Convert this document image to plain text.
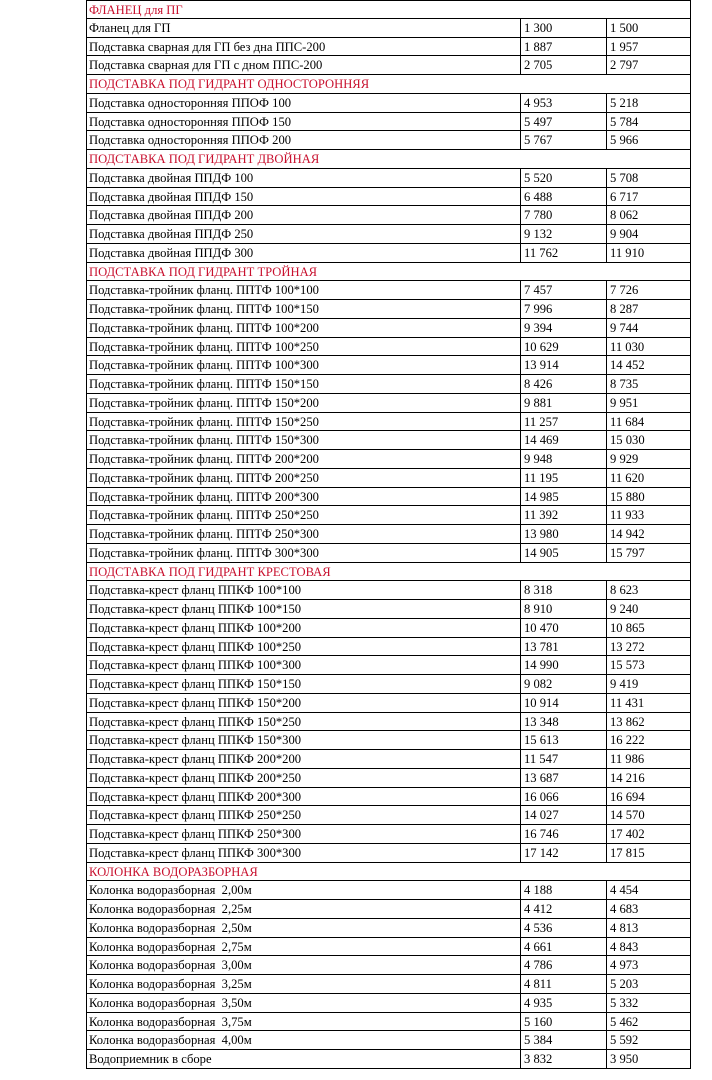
ФЛАНЕЦ для ПГ
Фланец для ГП	1 300	1 500
Подставка сварная для ГП без дна ППС-200	1 887	1 957
Подставка сварная для ГП с дном ППС-200	2 705	2 797
ПОДСТАВКА ПОД ГИДРАНТ ОДНОСТОРОННЯЯ
Подставка односторонняя ППОФ 100	4 953	5 218
Подставка односторонняя ППОФ 150	5 497	5 784
Подставка односторонняя ППОФ 200	5 767	5 966
ПОДСТАВКА ПОД ГИДРАНТ ДВОЙНАЯ
Подставка двойная ППДФ 100	5 520	5 708
Подставка двойная ППДФ 150	6 488	6 717
Подставка двойная ППДФ 200	7 780	8 062
Подставка двойная ППДФ 250	9 132	9 904
Подставка двойная ППДФ 300	11 762	11 910
ПОДСТАВКА ПОД ГИДРАНТ ТРОЙНАЯ
Подставка-тройник фланц. ППТФ 100*100	7 457	7 726
Подставка-тройник фланц. ППТФ 100*150	7 996	8 287
Подставка-тройник фланц. ППТФ 100*200	9 394	9 744
Подставка-тройник фланц. ППТФ 100*250	10 629	11 030
Подставка-тройник фланц. ППТФ 100*300	13 914	14 452
Подставка-тройник фланц. ППТФ 150*150	8 426	8 735
Подставка-тройник фланц. ППТФ 150*200	9 881	9 951
Подставка-тройник фланц. ППТФ 150*250	11 257	11 684
Подставка-тройник фланц. ППТФ 150*300	14 469	15 030
Подставка-тройник фланц. ППТФ 200*200	9 948	9 929
Подставка-тройник фланц. ППТФ 200*250	11 195	11 620
Подставка-тройник фланц. ППТФ 200*300	14 985	15 880
Подставка-тройник фланц. ППТФ 250*250	11 392	11 933
Подставка-тройник фланц. ППТФ 250*300	13 980	14 942
Подставка-тройник фланц. ППТФ 300*300	14 905	15 797
ПОДСТАВКА ПОД ГИДРАНТ КРЕСТОВАЯ
Подставка-крест фланц ППКФ 100*100	8 318	8 623
Подставка-крест фланц ППКФ 100*150	8 910	9 240
Подставка-крест фланц ППКФ 100*200	10 470	10 865
Подставка-крест фланц ППКФ 100*250	13 781	13 272
Подставка-крест фланц ППКФ 100*300	14 990	15 573
Подставка-крест фланц ППКФ 150*150	9 082	9 419
Подставка-крест фланц ППКФ 150*200	10 914	11 431
Подставка-крест фланц ППКФ 150*250	13 348	13 862
Подставка-крест фланц ППКФ 150*300	15 613	16 222
Подставка-крест фланц ППКФ 200*200	11 547	11 986
Подставка-крест фланц ППКФ 200*250	13 687	14 216
Подставка-крест фланц ППКФ 200*300	16 066	16 694
Подставка-крест фланц ППКФ 250*250	14 027	14 570
Подставка-крест фланц ППКФ 250*300	16 746	17 402
Подставка-крест фланц ППКФ 300*300	17 142	17 815
КОЛОНКА ВОДОРАЗБОРНАЯ
Колонка водоразборная  2,00м	4 188	4 454
Колонка водоразборная  2,25м	4 412	4 683
Колонка водоразборная  2,50м	4 536	4 813
Колонка водоразборная  2,75м	4 661	4 843
Колонка водоразборная  3,00м	4 786	4 973
Колонка водоразборная  3,25м	4 811	5 203
Колонка водоразборная  3,50м	4 935	5 332
Колонка водоразборная  3,75м	5 160	5 462
Колонка водоразборная  4,00м	5 384	5 592
Водоприемник в сборе	3 832	3 950
